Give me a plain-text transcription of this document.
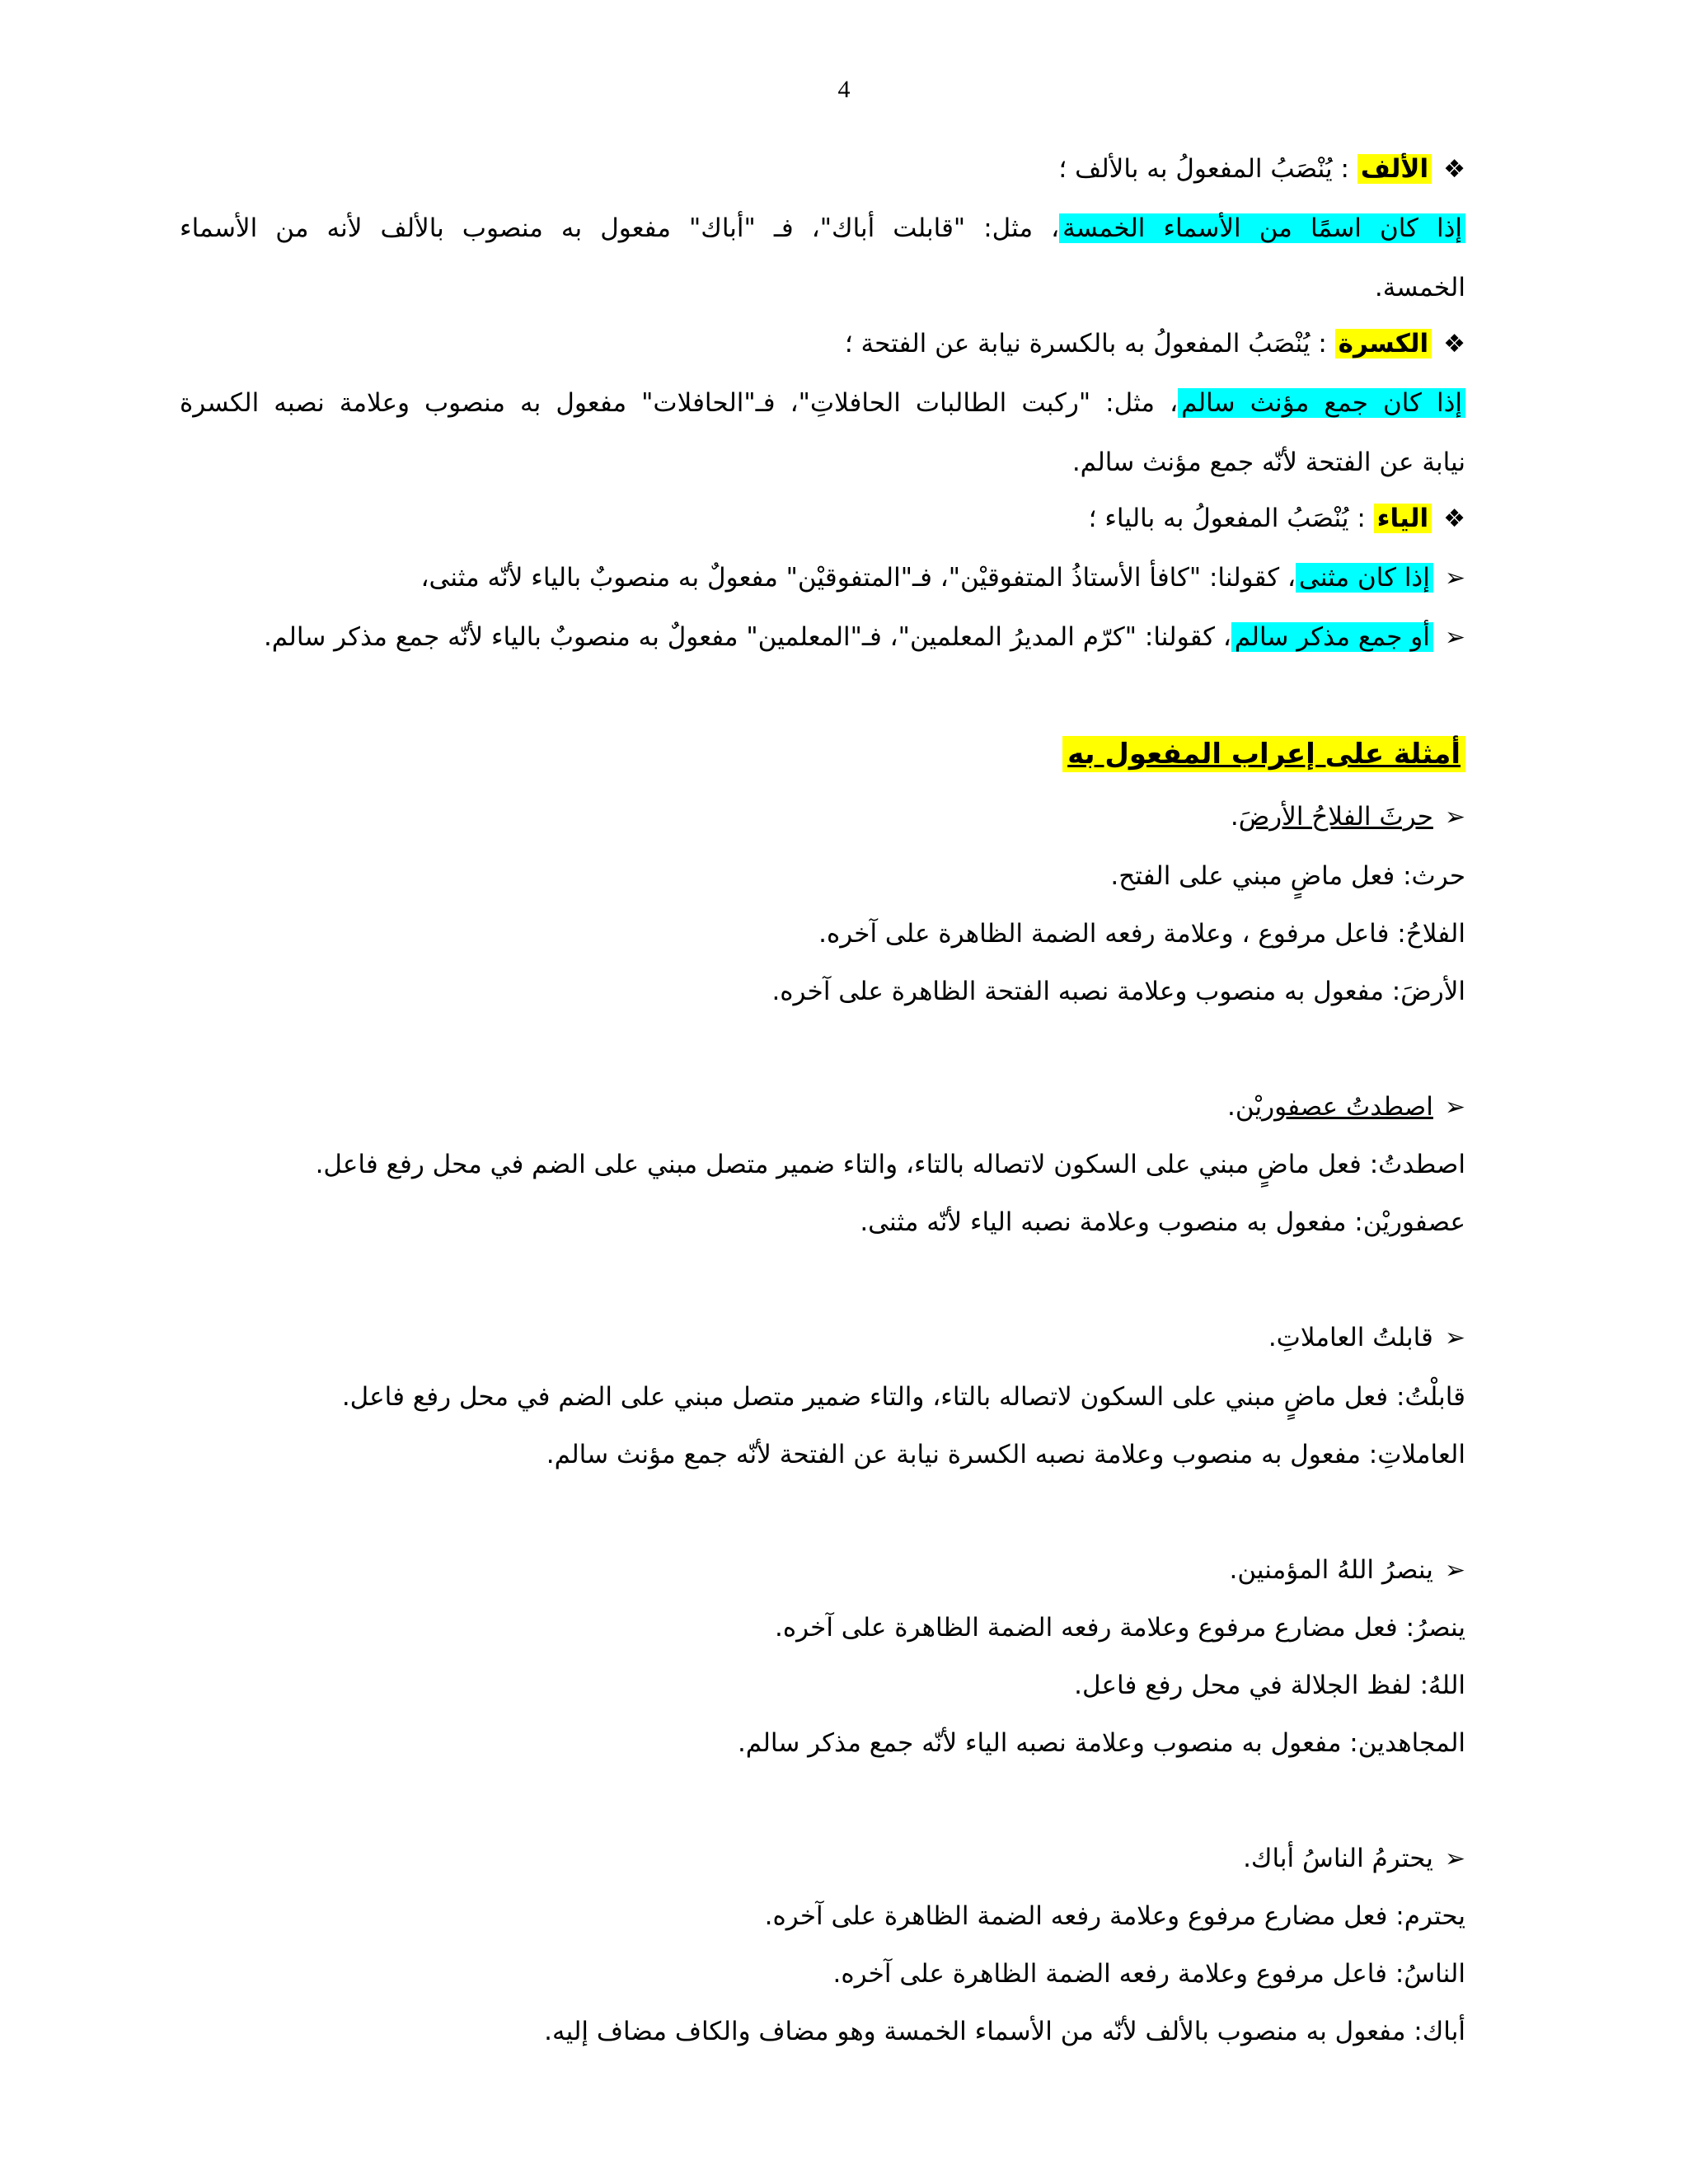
4
❖الألف : يُنْصَبُ المفعولُ به بالألف ؛
إذا كان اسمًا من الأسماء الخمسة، مثل: "قابلت أباك"، فـ "أباك" مفعول به منصوب بالألف لأنه من الأسماء
الخمسة.
❖الكسرة : يُنْصَبُ المفعولُ به بالكسرة نيابة عن الفتحة ؛
إذا كان جمع مؤنث سالم، مثل: "ركبت الطالبات الحافلاتِ"، فـ"الحافلات" مفعول به منصوب وعلامة نصبه الكسرة
نيابة عن الفتحة لأنّه جمع مؤنث سالم.
❖الياء : يُنْصَبُ المفعولُ به بالياء ؛
➢إذا كان مثنى، كقولنا: "كافأ الأستاذُ المتفوقيْن"، فـ"المتفوقيْن" مفعولٌ به منصوبٌ بالياء لأنّه مثنى،
➢أو جمع مذكر سالم، كقولنا: "كرّم المديرُ المعلمين"، فـ"المعلمين" مفعولٌ به منصوبٌ بالياء لأنّه جمع مذكر سالم.
أمثلة على إعراب المفعول به
➢حرثَ الفلاحُ الأرضَ.
حرث: فعل ماضٍ مبني على الفتح.
الفلاحُ: فاعل مرفوع ، وعلامة رفعه الضمة الظاهرة على آخره.
الأرضَ: مفعول به منصوب وعلامة نصبه الفتحة الظاهرة على آخره.
➢اصطدتُ عصفوريْن.
اصطدتُ: فعل ماضٍ مبني على السكون لاتصاله بالتاء، والتاء ضمير متصل مبني على الضم في محل رفع فاعل.
عصفوريْن: مفعول به منصوب وعلامة نصبه الياء لأنّه مثنى.
➢قابلتُ العاملاتِ.
قابلْتُ: فعل ماضٍ مبني على السكون لاتصاله بالتاء، والتاء ضمير متصل مبني على الضم في محل رفع فاعل.
العاملاتِ: مفعول به منصوب وعلامة نصبه الكسرة نيابة عن الفتحة لأنّه جمع مؤنث سالم.
➢ينصرُ اللهُ المؤمنين.
ينصرُ: فعل مضارع مرفوع وعلامة رفعه الضمة الظاهرة على آخره.
اللهُ: لفظ الجلالة في محل رفع فاعل.
المجاهدين: مفعول به منصوب وعلامة نصبه الياء لأنّه جمع مذكر سالم.
➢يحترمُ الناسُ أباك.
يحترم: فعل مضارع مرفوع وعلامة رفعه الضمة الظاهرة على آخره.
الناسُ: فاعل مرفوع وعلامة رفعه الضمة الظاهرة على آخره.
أباك: مفعول به منصوب بالألف لأنّه من الأسماء الخمسة وهو مضاف والكاف مضاف إليه.
